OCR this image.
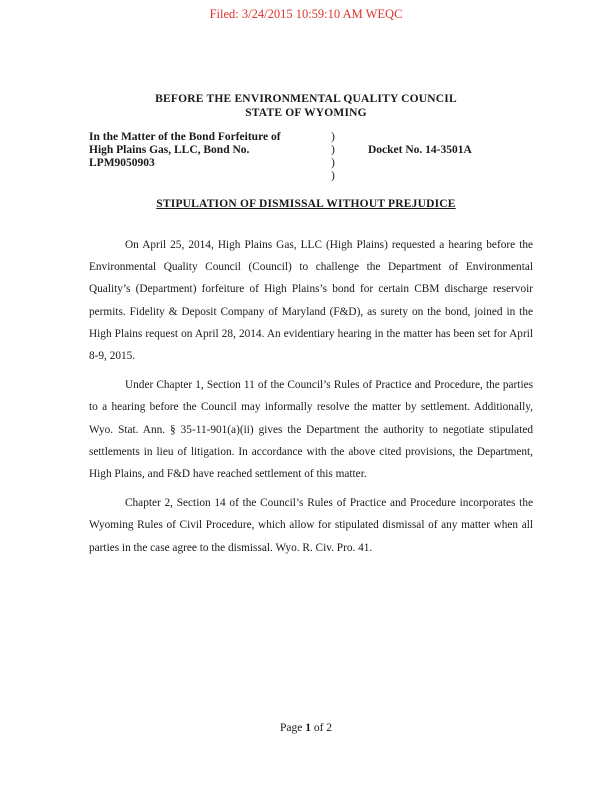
Filed: 3/24/2015 10:59:10 AM WEQC
BEFORE THE ENVIRONMENTAL QUALITY COUNCIL
STATE OF WYOMING
In the Matter of the Bond Forfeiture of
High Plains Gas, LLC, Bond No.
LPM9050903
)
)
)
)
Docket No. 14-3501A
STIPULATION OF DISMISSAL WITHOUT PREJUDICE

On April 25, 2014, High Plains Gas, LLC (High Plains) requested a hearing before the Environmental Quality Council (Council) to challenge the Department of Environmental Quality’s (Department) forfeiture of High Plains’s bond for certain CBM discharge reservoir permits. Fidelity & Deposit Company of Maryland (F&D), as surety on the bond, joined in the High Plains request on April 28, 2014. An evidentiary hearing in the matter has been set for April 8-9, 2015.

Under Chapter 1, Section 11 of the Council’s Rules of Practice and Procedure, the parties to a hearing before the Council may informally resolve the matter by settlement. Additionally, Wyo. Stat. Ann. § 35-11-901(a)(ii) gives the Department the authority to negotiate stipulated settlements in lieu of litigation. In accordance with the above cited provisions, the Department, High Plains, and F&D have reached settlement of this matter.

Chapter 2, Section 14 of the Council’s Rules of Practice and Procedure incorporates the Wyoming Rules of Civil Procedure, which allow for stipulated dismissal of any matter when all parties in the case agree to the dismissal. Wyo. R. Civ. Pro. 41.

Page 1 of 2
